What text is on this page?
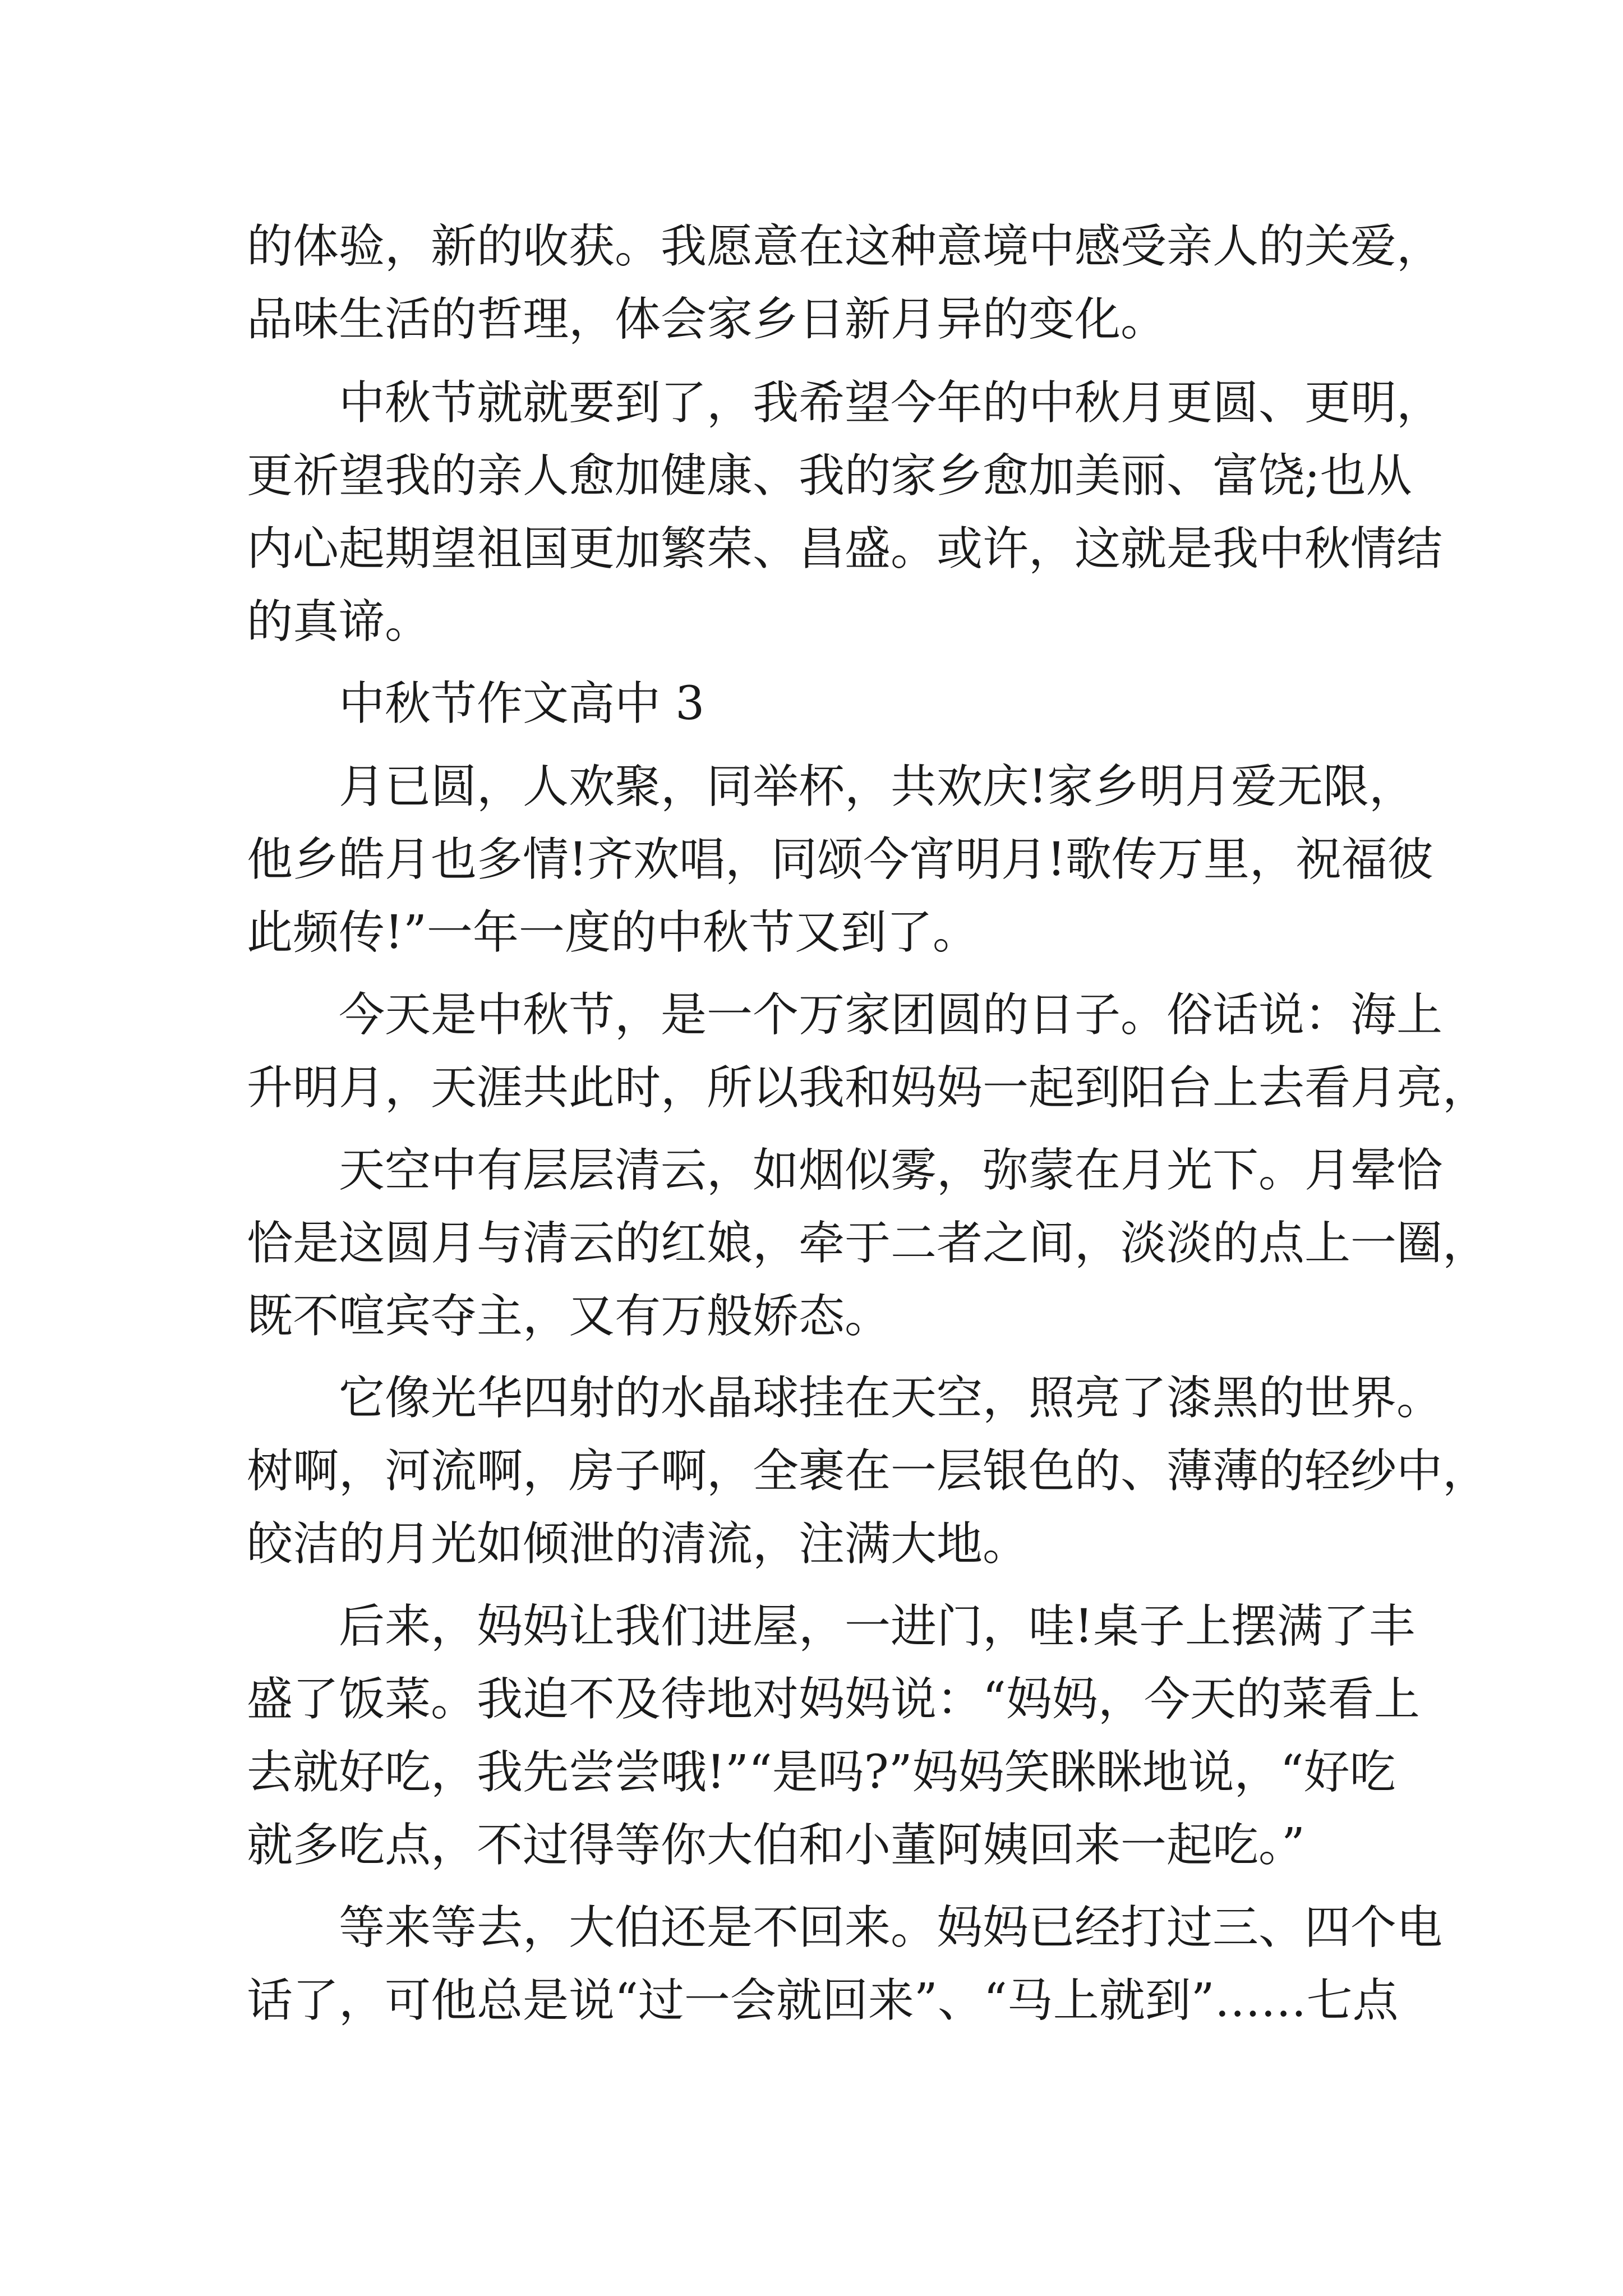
的体验，新的收获。我愿意在这种意境中感受亲人的关爱，
品味生活的哲理，体会家乡日新月异的变化。
中秋节就就要到了，我希望今年的中秋月更圆、更明，
更祈望我的亲人愈加健康、我的家乡愈加美丽、富饶;也从
内心起期望祖国更加繁荣、昌盛。或许，这就是我中秋情结
的真谛。
中秋节作文高中 3
月已圆，人欢聚，同举杯，共欢庆!家乡明月爱无限，
他乡皓月也多情!齐欢唱，同颂今宵明月!歌传万里，祝福彼
此频传!”一年一度的中秋节又到了。
今天是中秋节，是一个万家团圆的日子。俗话说：海上
升明月，天涯共此时，所以我和妈妈一起到阳台上去看月亮，
天空中有层层清云，如烟似雾，弥蒙在月光下。月晕恰
恰是这圆月与清云的红娘，牵于二者之间，淡淡的点上一圈，
既不喧宾夺主，又有万般娇态。
它像光华四射的水晶球挂在天空，照亮了漆黑的世界。
树啊，河流啊，房子啊，全裹在一层银色的、薄薄的轻纱中，
皎洁的月光如倾泄的清流，注满大地。
后来，妈妈让我们进屋，一进门，哇!桌子上摆满了丰
盛了饭菜。我迫不及待地对妈妈说：“妈妈，今天的菜看上
去就好吃，我先尝尝哦!”“是吗?”妈妈笑眯眯地说，“好吃
就多吃点，不过得等你大伯和小董阿姨回来一起吃。”
等来等去，大伯还是不回来。妈妈已经打过三、四个电
话了，可他总是说“过一会就回来”、“马上就到”……七点
